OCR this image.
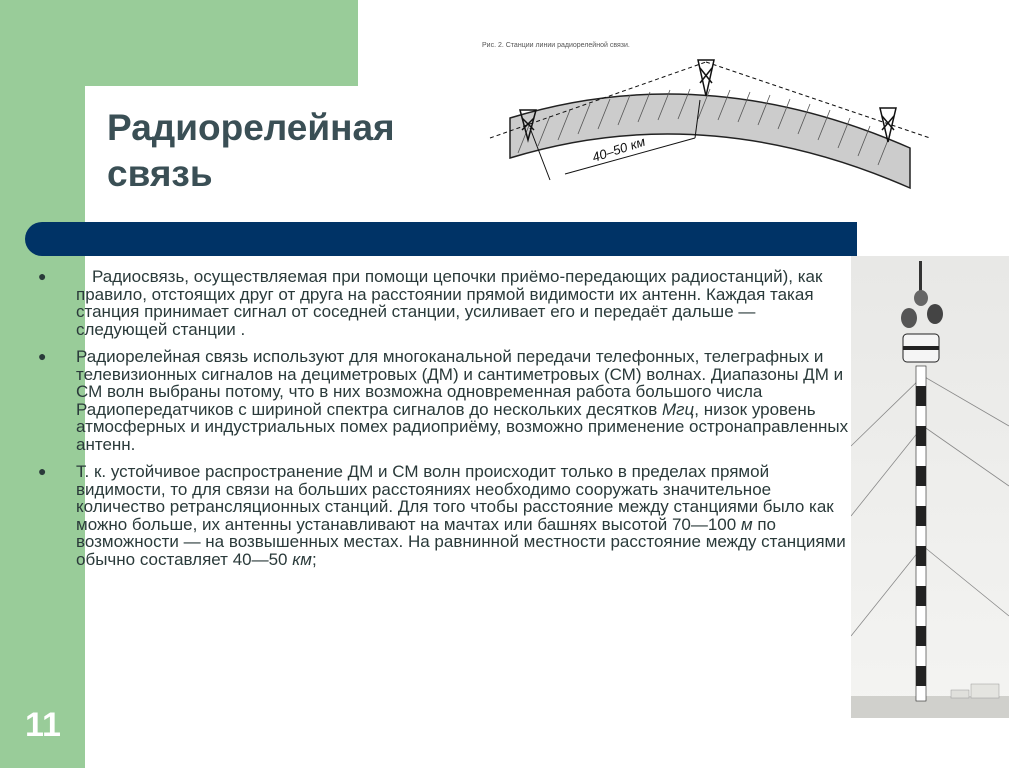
Радиорелейная
связь
Рис. 2. Станции линии радиорелейной связи.
40–50 км
●	Радиосвязь, осуществляемая при помощи цепочки приёмо-передающих радиостанций), как правило, отстоящих друг от друга на расстоянии прямой видимости их антенн. Каждая такая станция принимает сигнал от соседней станции, усиливает его и передаёт дальше — следующей станции .
● Радиорелейная связь используют для многоканальной передачи телефонных, телеграфных и телевизионных сигналов на дециметровых (ДМ) и сантиметровых (СМ) волнах. Диапазоны ДМ и СМ волн выбраны потому, что в них возможна одновременная работа большого числа Радиопередатчиков с шириной спектра сигналов до нескольких десятков Мгц, низок уровень атмосферных и индустриальных помех радиоприёму, возможно применение остронаправленных антенн.
● Т. к. устойчивое распространение ДМ и СМ волн происходит только в пределах прямой видимости, то для связи на больших расстояниях необходимо сооружать значительное количество ретрансляционных станций. Для того чтобы расстояние между станциями было как можно больше, их антенны устанавливают на мачтах или башнях высотой 70—100 м по возможности — на возвышенных местах. На равнинной местности расстояние между станциями обычно составляет 40—50 км;
11
